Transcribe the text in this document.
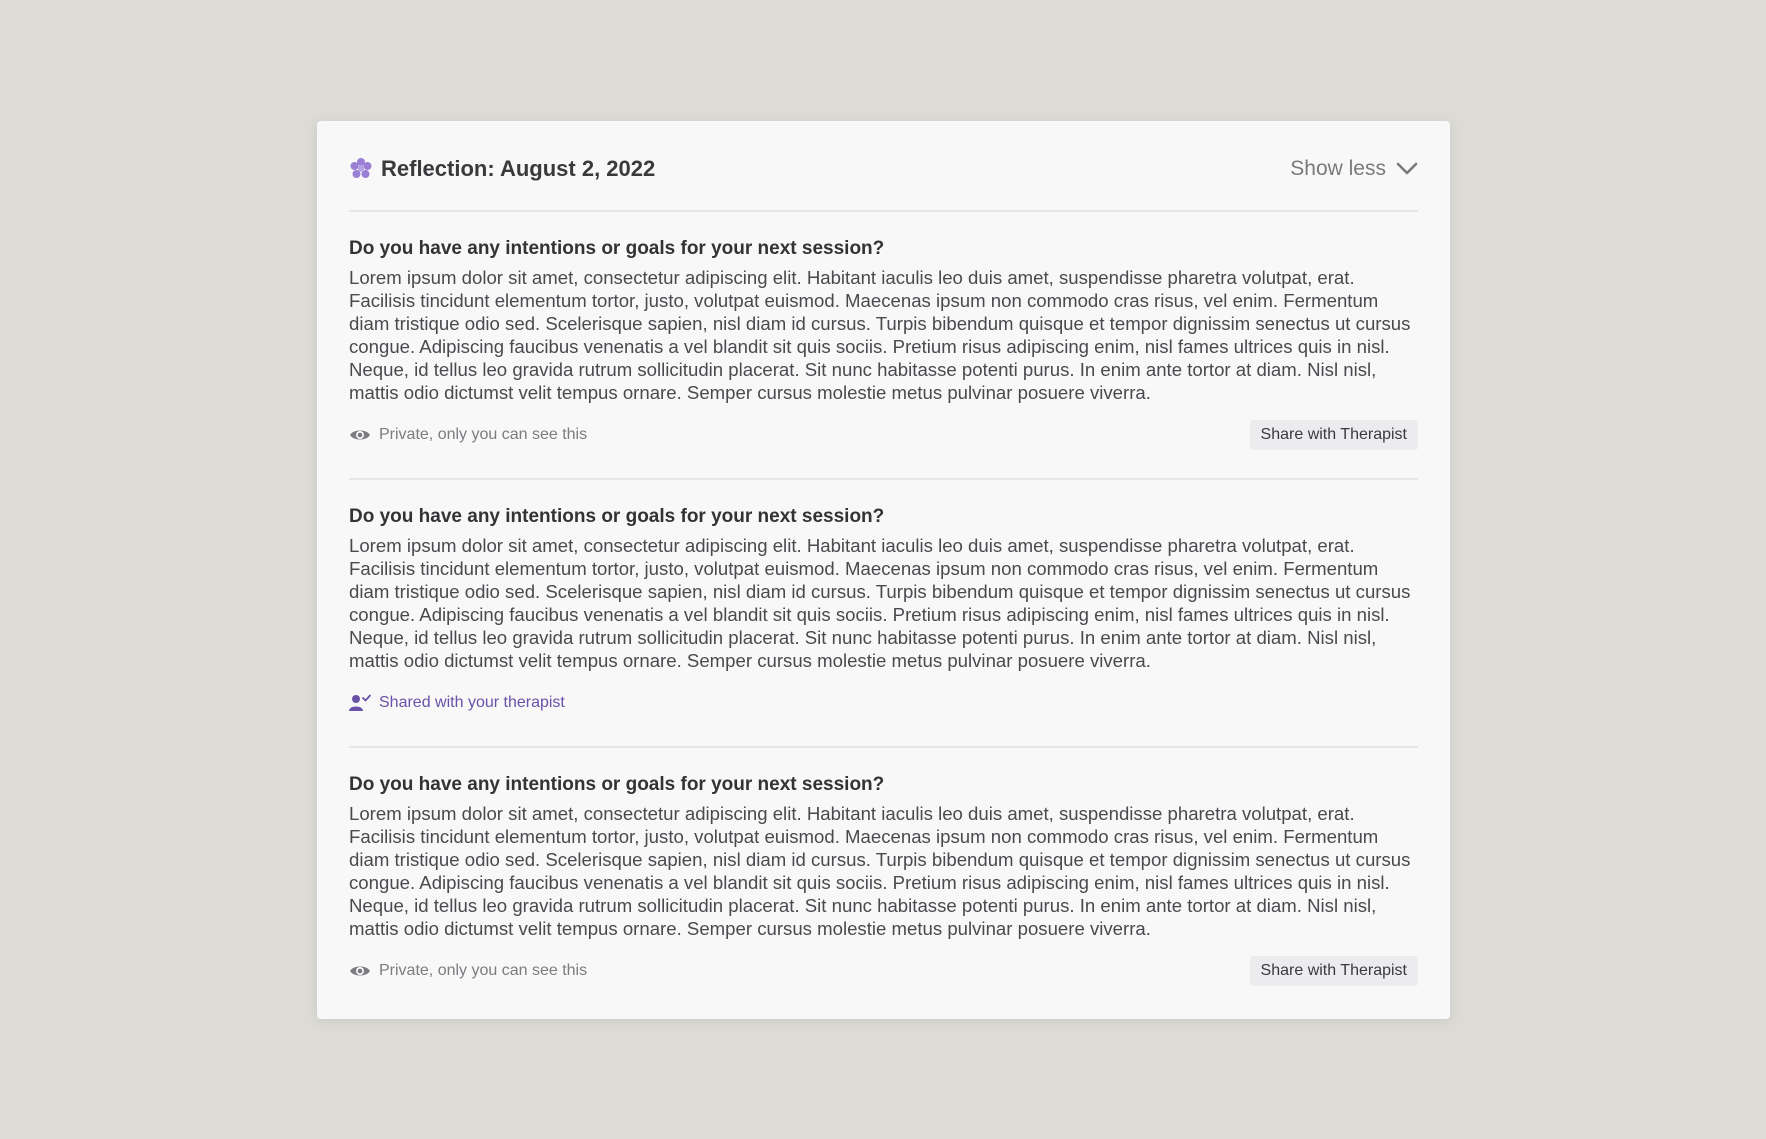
Reflection: August 2, 2022	Show less

Do you have any intentions or goals for your next session?

Lorem ipsum dolor sit amet, consectetur adipiscing elit. Habitant iaculis leo duis amet, suspendisse pharetra volutpat, erat. Facilisis tincidunt elementum tortor, justo, volutpat euismod. Maecenas ipsum non commodo cras risus, vel enim. Fermentum diam tristique odio sed. Scelerisque sapien, nisl diam id cursus. Turpis bibendum quisque et tempor dignissim senectus ut cursus congue. Adipiscing faucibus venenatis a vel blandit sit quis sociis. Pretium risus adipiscing enim, nisl fames ultrices quis in nisl. Neque, id tellus leo gravida rutrum sollicitudin placerat. Sit nunc habitasse potenti purus. In enim ante tortor at diam. Nisl nisl, mattis odio dictumst velit tempus ornare. Semper cursus molestie metus pulvinar posuere viverra.

Private, only you can see this	Share with Therapist

Do you have any intentions or goals for your next session?

Lorem ipsum dolor sit amet, consectetur adipiscing elit. Habitant iaculis leo duis amet, suspendisse pharetra volutpat, erat. Facilisis tincidunt elementum tortor, justo, volutpat euismod. Maecenas ipsum non commodo cras risus, vel enim. Fermentum diam tristique odio sed. Scelerisque sapien, nisl diam id cursus. Turpis bibendum quisque et tempor dignissim senectus ut cursus congue. Adipiscing faucibus venenatis a vel blandit sit quis sociis. Pretium risus adipiscing enim, nisl fames ultrices quis in nisl. Neque, id tellus leo gravida rutrum sollicitudin placerat. Sit nunc habitasse potenti purus. In enim ante tortor at diam. Nisl nisl, mattis odio dictumst velit tempus ornare. Semper cursus molestie metus pulvinar posuere viverra.

Shared with your therapist

Do you have any intentions or goals for your next session?

Lorem ipsum dolor sit amet, consectetur adipiscing elit. Habitant iaculis leo duis amet, suspendisse pharetra volutpat, erat. Facilisis tincidunt elementum tortor, justo, volutpat euismod. Maecenas ipsum non commodo cras risus, vel enim. Fermentum diam tristique odio sed. Scelerisque sapien, nisl diam id cursus. Turpis bibendum quisque et tempor dignissim senectus ut cursus congue. Adipiscing faucibus venenatis a vel blandit sit quis sociis. Pretium risus adipiscing enim, nisl fames ultrices quis in nisl. Neque, id tellus leo gravida rutrum sollicitudin placerat. Sit nunc habitasse potenti purus. In enim ante tortor at diam. Nisl nisl, mattis odio dictumst velit tempus ornare. Semper cursus molestie metus pulvinar posuere viverra.

Private, only you can see this	Share with Therapist
